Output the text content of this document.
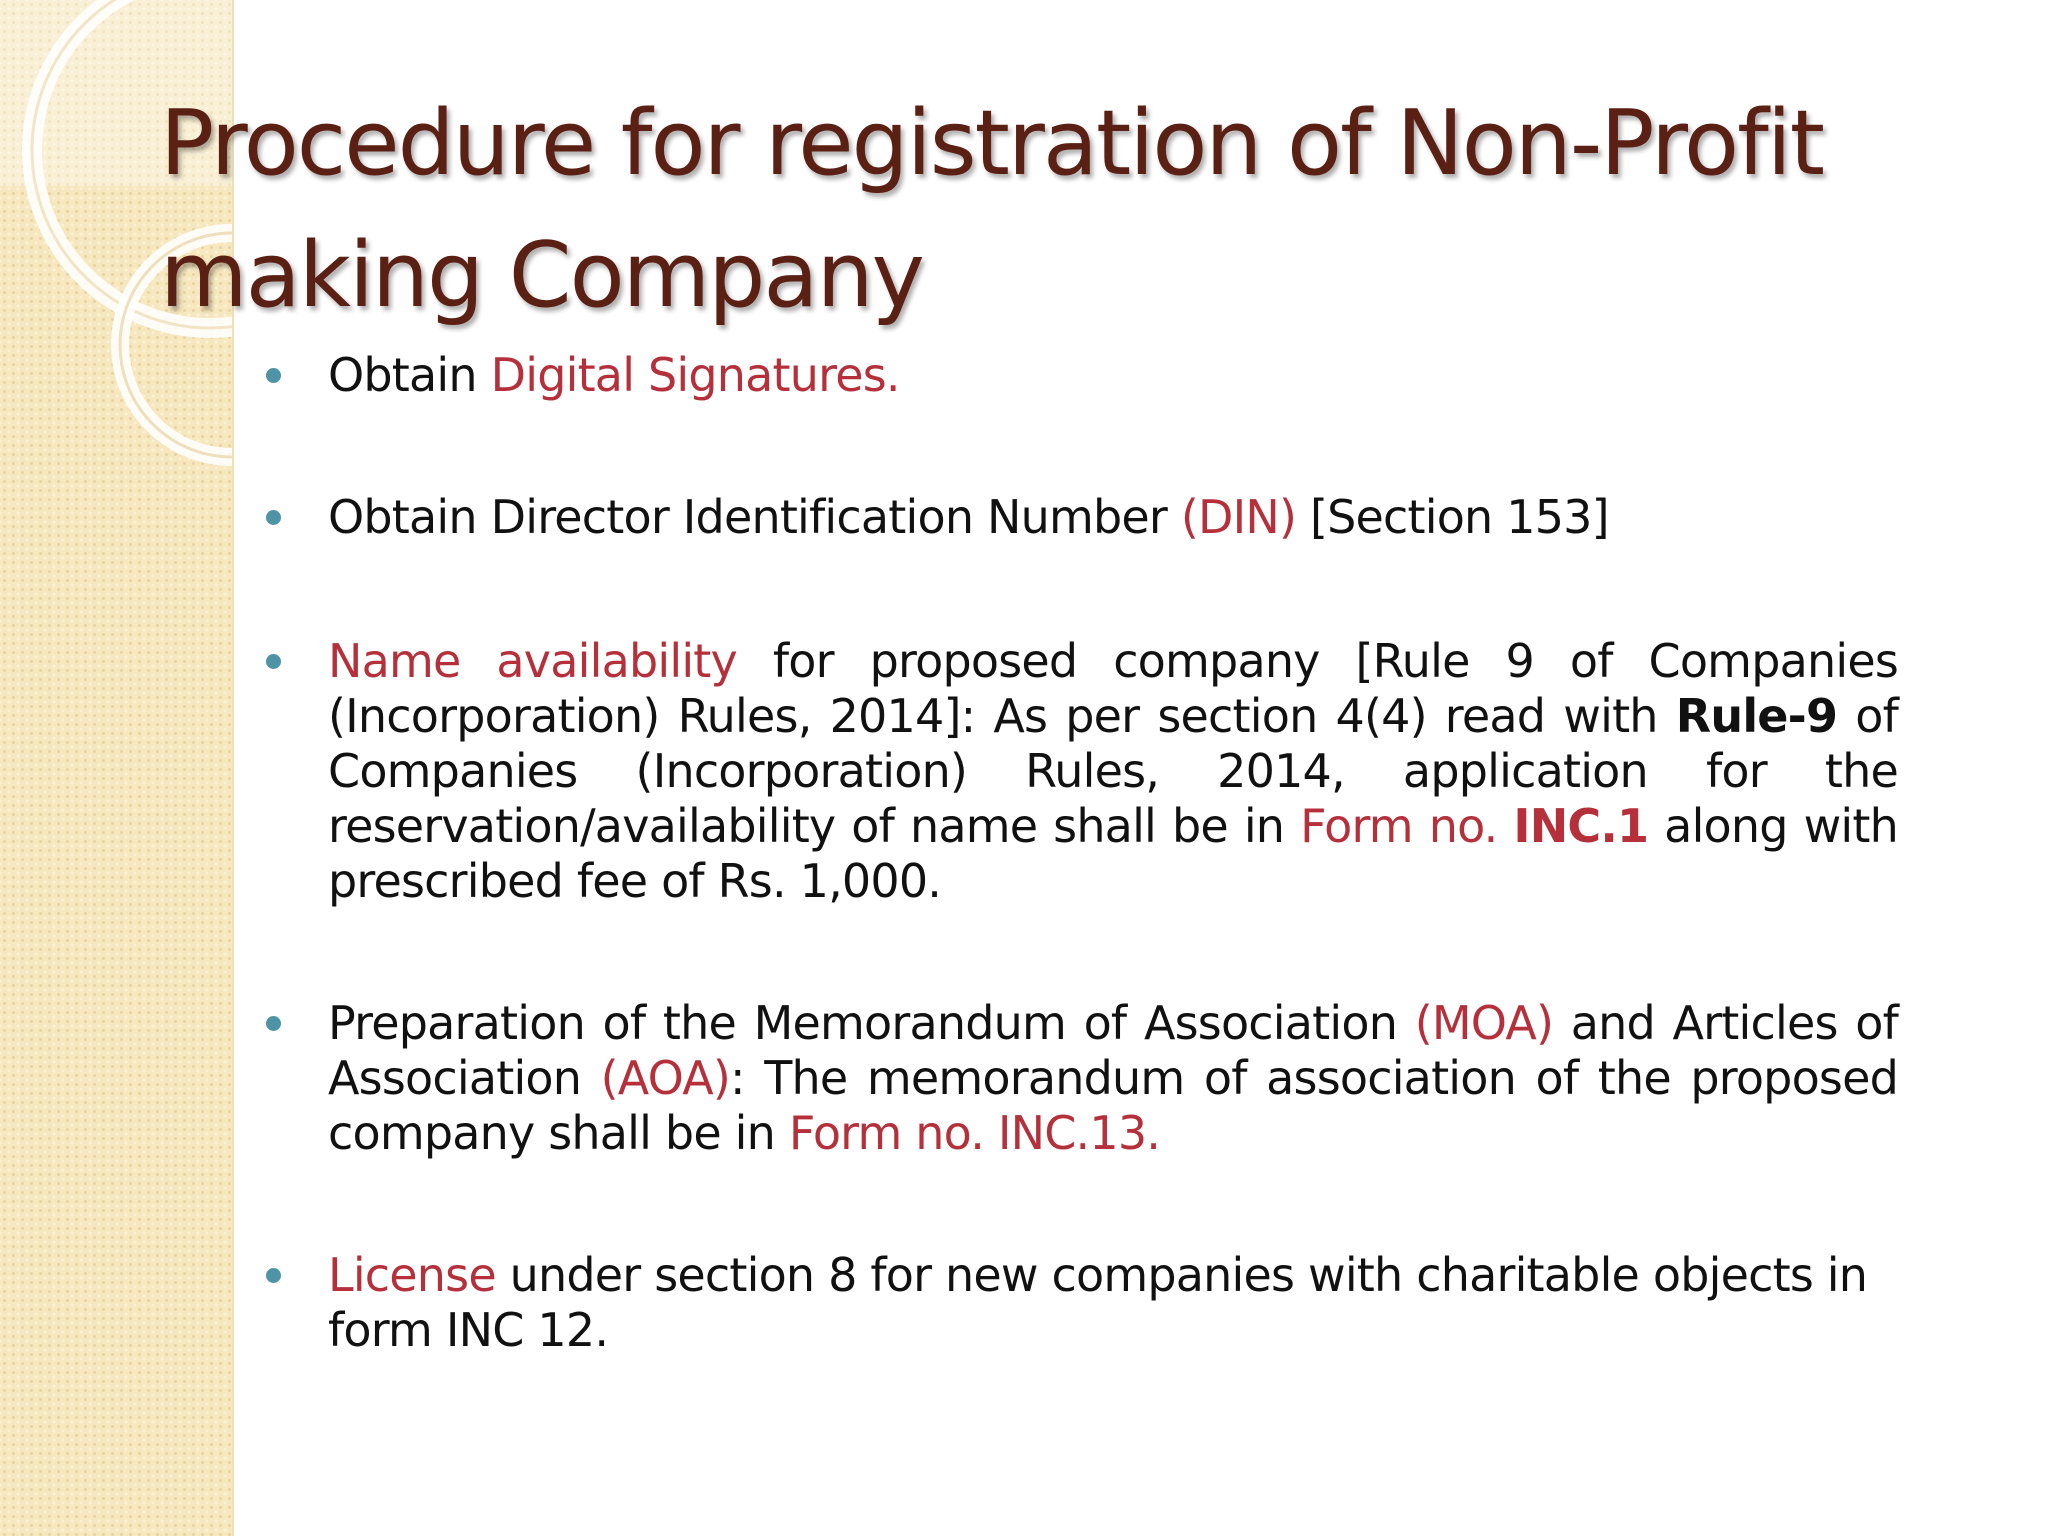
Procedure for registration of Non-Profit making Company
Obtain Digital Signatures.
Obtain Director Identification Number (DIN) [Section 153]
Name availability for proposed company [Rule 9 of Companies (Incorporation) Rules, 2014]: As per section 4(4) read with Rule-9 of Companies (Incorporation) Rules, 2014, application for the reservation/availability of name shall be in Form no. INC.1 along with prescribed fee of Rs. 1,000.
Preparation of the Memorandum of Association (MOA) and Articles of Association (AOA): The memorandum of association of the proposed company shall be in Form no. INC.13.
License under section 8 for new companies with charitable objects in form INC 12.
